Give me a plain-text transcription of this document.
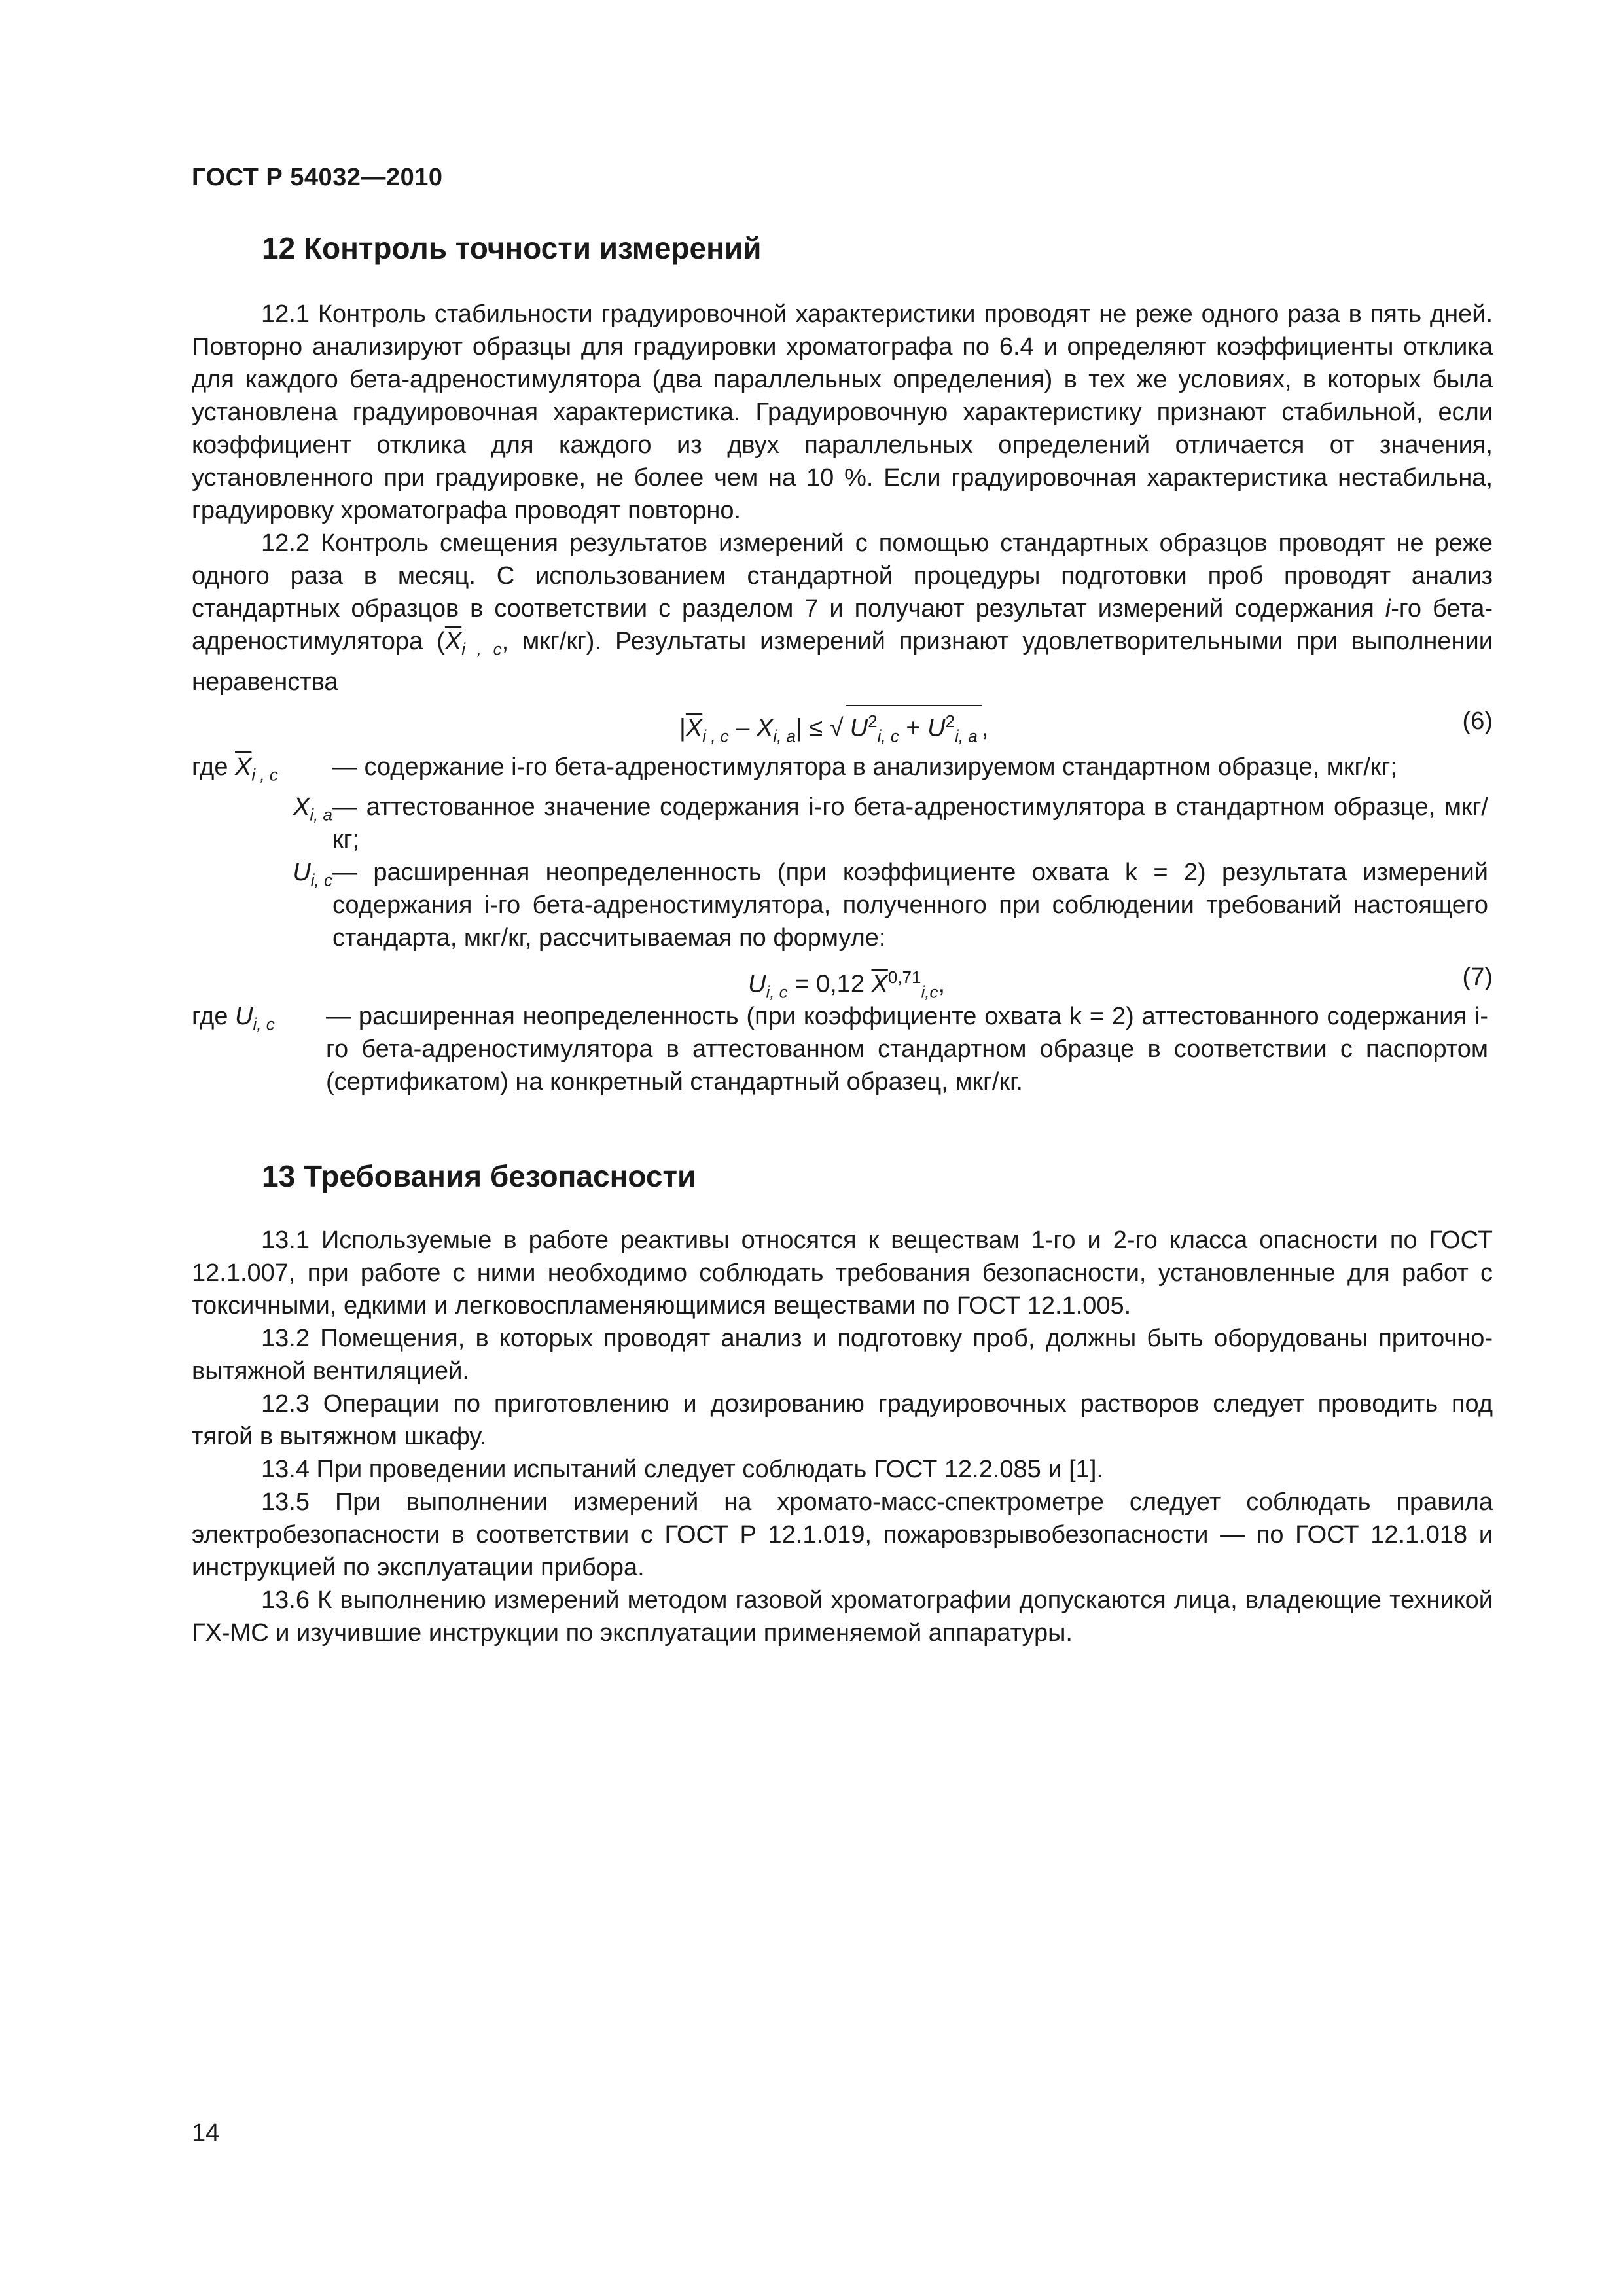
ГОСТ Р 54032—2010
12 Контроль точности измерений

12.1 Контроль стабильности градуировочной характеристики проводят не реже одного раза в пять дней. Повторно анализируют образцы для градуировки хроматографа по 6.4 и определяют коэффициенты отклика для каждого бета-адреностимулятора (два параллельных определения) в тех же условиях, в которых была установлена градуировочная характеристика. Градуировочную характеристику признают стабильной, если коэффициент отклика для каждого из двух параллельных определений отличается от значения, установленного при градуировке, не более чем на 10 %. Если градуировочная характеристика нестабильна, градуировку хроматографа проводят повторно.

12.2 Контроль смещения результатов измерений с помощью стандартных образцов проводят не реже одного раза в месяц. С использованием стандартной процедуры подготовки проб проводят анализ стандартных образцов в соответствии с разделом 7 и получают результат измерений содержания i-го бета-адреностимулятора ($\overline{X}_{i , c}$, мкг/кг). Результаты измерений признают удовлетворительными при выполнении неравенства

$|\overline{X}_{i , c} - X_{i, a}|$ ≤ √ $U^2_{i, c} + U^2_{i, a}$ ,	(6)
где $\overline{X}_{i , c}$ — содержание i-го бета-адреностимулятора в анализируемом стандартном образце, мкг/кг;
$X_{i, a}—$ аттестованное значение содержания i-го бета-адреностимулятора в стандартном образце, мкг/кг;
$U_{i, c}—$ расширенная неопределенность (при коэффициенте охвата k = 2) результата измерений содержания i-го бета-адреностимулятора, полученного при соблюдении требований настоящего стандарта, мкг/кг, рассчитываемая по формуле:
$U_{i, c} = 0,12$ $\overline{X}^{0,71}_{i,c}$,	(7)
где $U_{i, c}$ — расширенная неопределенность (при коэффициенте охвата k = 2) аттестованного содержания i-го бета-адреностимулятора в аттестованном стандартном образце в соответствии с паспортом (сертификатом) на конкретный стандартный образец, мкг/кг.
13 Требования безопасности

13.1 Используемые в работе реактивы относятся к веществам 1-го и 2-го класса опасности по ГОСТ 12.1.007, при работе с ними необходимо соблюдать требования безопасности, установленные для работ с токсичными, едкими и легковоспламеняющимися веществами по ГОСТ 12.1.005.

13.2 Помещения, в которых проводят анализ и подготовку проб, должны быть оборудованы приточно-вытяжной вентиляцией.

12.3 Операции по приготовлению и дозированию градуировочных растворов следует проводить под тягой в вытяжном шкафу.

13.4 При проведении испытаний следует соблюдать ГОСТ 12.2.085 и [1].

13.5 При выполнении измерений на хромато-масс-спектрометре следует соблюдать правила электробезопасности в соответствии с ГОСТ Р 12.1.019, пожаровзрывобезопасности — по ГОСТ 12.1.018 и инструкцией по эксплуатации прибора.

13.6 К выполнению измерений методом газовой хроматографии допускаются лица, владеющие техникой ГХ-МС и изучившие инструкции по эксплуатации применяемой аппаратуры.

14
